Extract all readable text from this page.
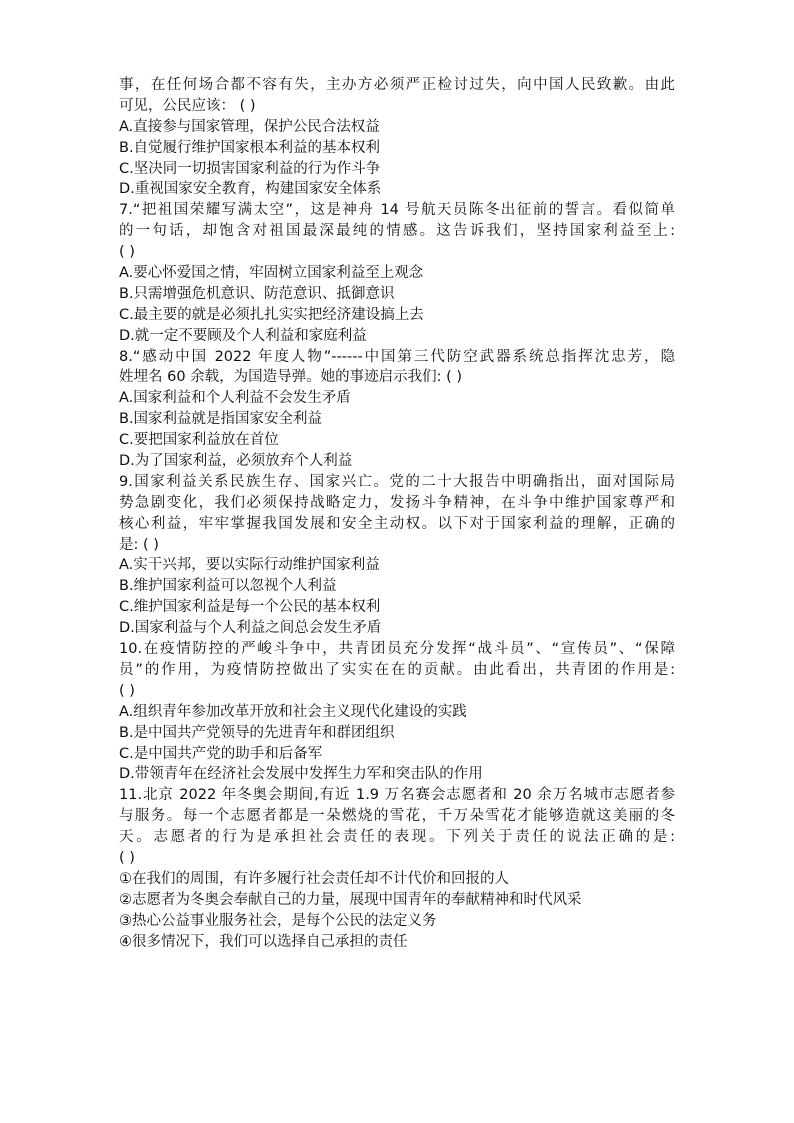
事，在任何场合都不容有失，主办方必须严正检讨过失，向中国人民致歉。由此
可见，公民应该： ( )
A.直接参与国家管理，保护公民合法权益
B.自觉履行维护国家根本利益的基本权利
C.坚决同一切损害国家利益的行为作斗争
D.重视国家安全教育，构建国家安全体系
7.“把祖国荣耀写满太空”，这是神舟 14 号航天员陈冬出征前的誓言。看似简单
的一句话，却饱含对祖国最深最纯的情感。这告诉我们，坚持国家利益至上:
( )
A.要心怀爱国之情，牢固树立国家利益至上观念
B.只需增强危机意识、防范意识、抵御意识
C.最主要的就是必须扎扎实实把经济建设搞上去
D.就一定不要顾及个人利益和家庭利益
8.“感动中国 2022 年度人物”------中国第三代防空武器系统总指挥沈忠芳，隐
姓埋名 60 余载，为国造导弹。她的事迹启示我们: ( )
A.国家利益和个人利益不会发生矛盾
B.国家利益就是指国家安全利益
C.要把国家利益放在首位
D.为了国家利益，必须放弃个人利益
9.国家利益关系民族生存、国家兴亡。党的二十大报告中明确指出，面对国际局
势急剧变化，我们必须保持战略定力，发扬斗争精神，在斗争中维护国家尊严和
核心利益，牢牢掌握我国发展和安全主动权。以下对于国家利益的理解，正确的
是: ( )
A.实干兴邦，要以实际行动维护国家利益
B.维护国家利益可以忽视个人利益
C.维护国家利益是每一个公民的基本权利
D.国家利益与个人利益之间总会发生矛盾
10.在疫情防控的严峻斗争中，共青团员充分发挥“战斗员”、“宣传员”、“保障
员”的作用，为疫情防控做出了实实在在的贡献。由此看出，共青团的作用是:
( )
A.组织青年参加改革开放和社会主义现代化建设的实践
B.是中国共产党领导的先进青年和群团组织
C.是中国共产党的助手和后备军
D.带领青年在经济社会发展中发挥生力军和突击队的作用
11.北京 2022 年冬奥会期间,有近 1.9 万名赛会志愿者和 20 余万名城市志愿者参
与服务。每一个志愿者都是一朵燃烧的雪花，千万朵雪花才能够造就这美丽的冬
天。志愿者的行为是承担社会责任的表现。下列关于责任的说法正确的是:
( )
①在我们的周围，有许多履行社会责任却不计代价和回报的人
②志愿者为冬奥会奉献自己的力量，展现中国青年的奉献精神和时代风采
③热心公益事业服务社会，是每个公民的法定义务
④很多情况下，我们可以选择自己承担的责任
